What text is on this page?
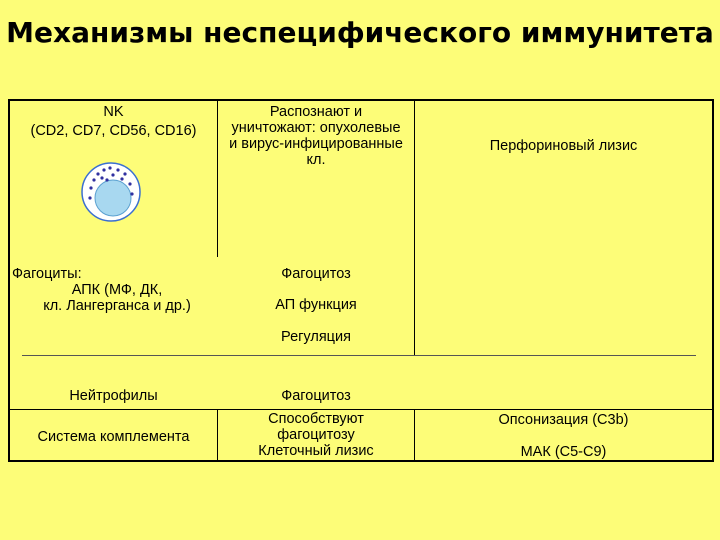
Механизмы неспецифического иммунитета
NK
(CD2, CD7, CD56, CD16)
Распознают и уничтожают: опухолевые и вирус-инфицированные кл.
Перфориновый лизис
Фагоциты:
АПК (МФ, ДК,
кл. Лангерганса и др.)
Фагоцитоз
АП функция
Регуляция
Нейтрофилы	Фагоцитоз
Система комплемента
Способствуют фагоцитозу Клеточный лизис
Опсонизация (С3b)
МАК (С5-С9)
